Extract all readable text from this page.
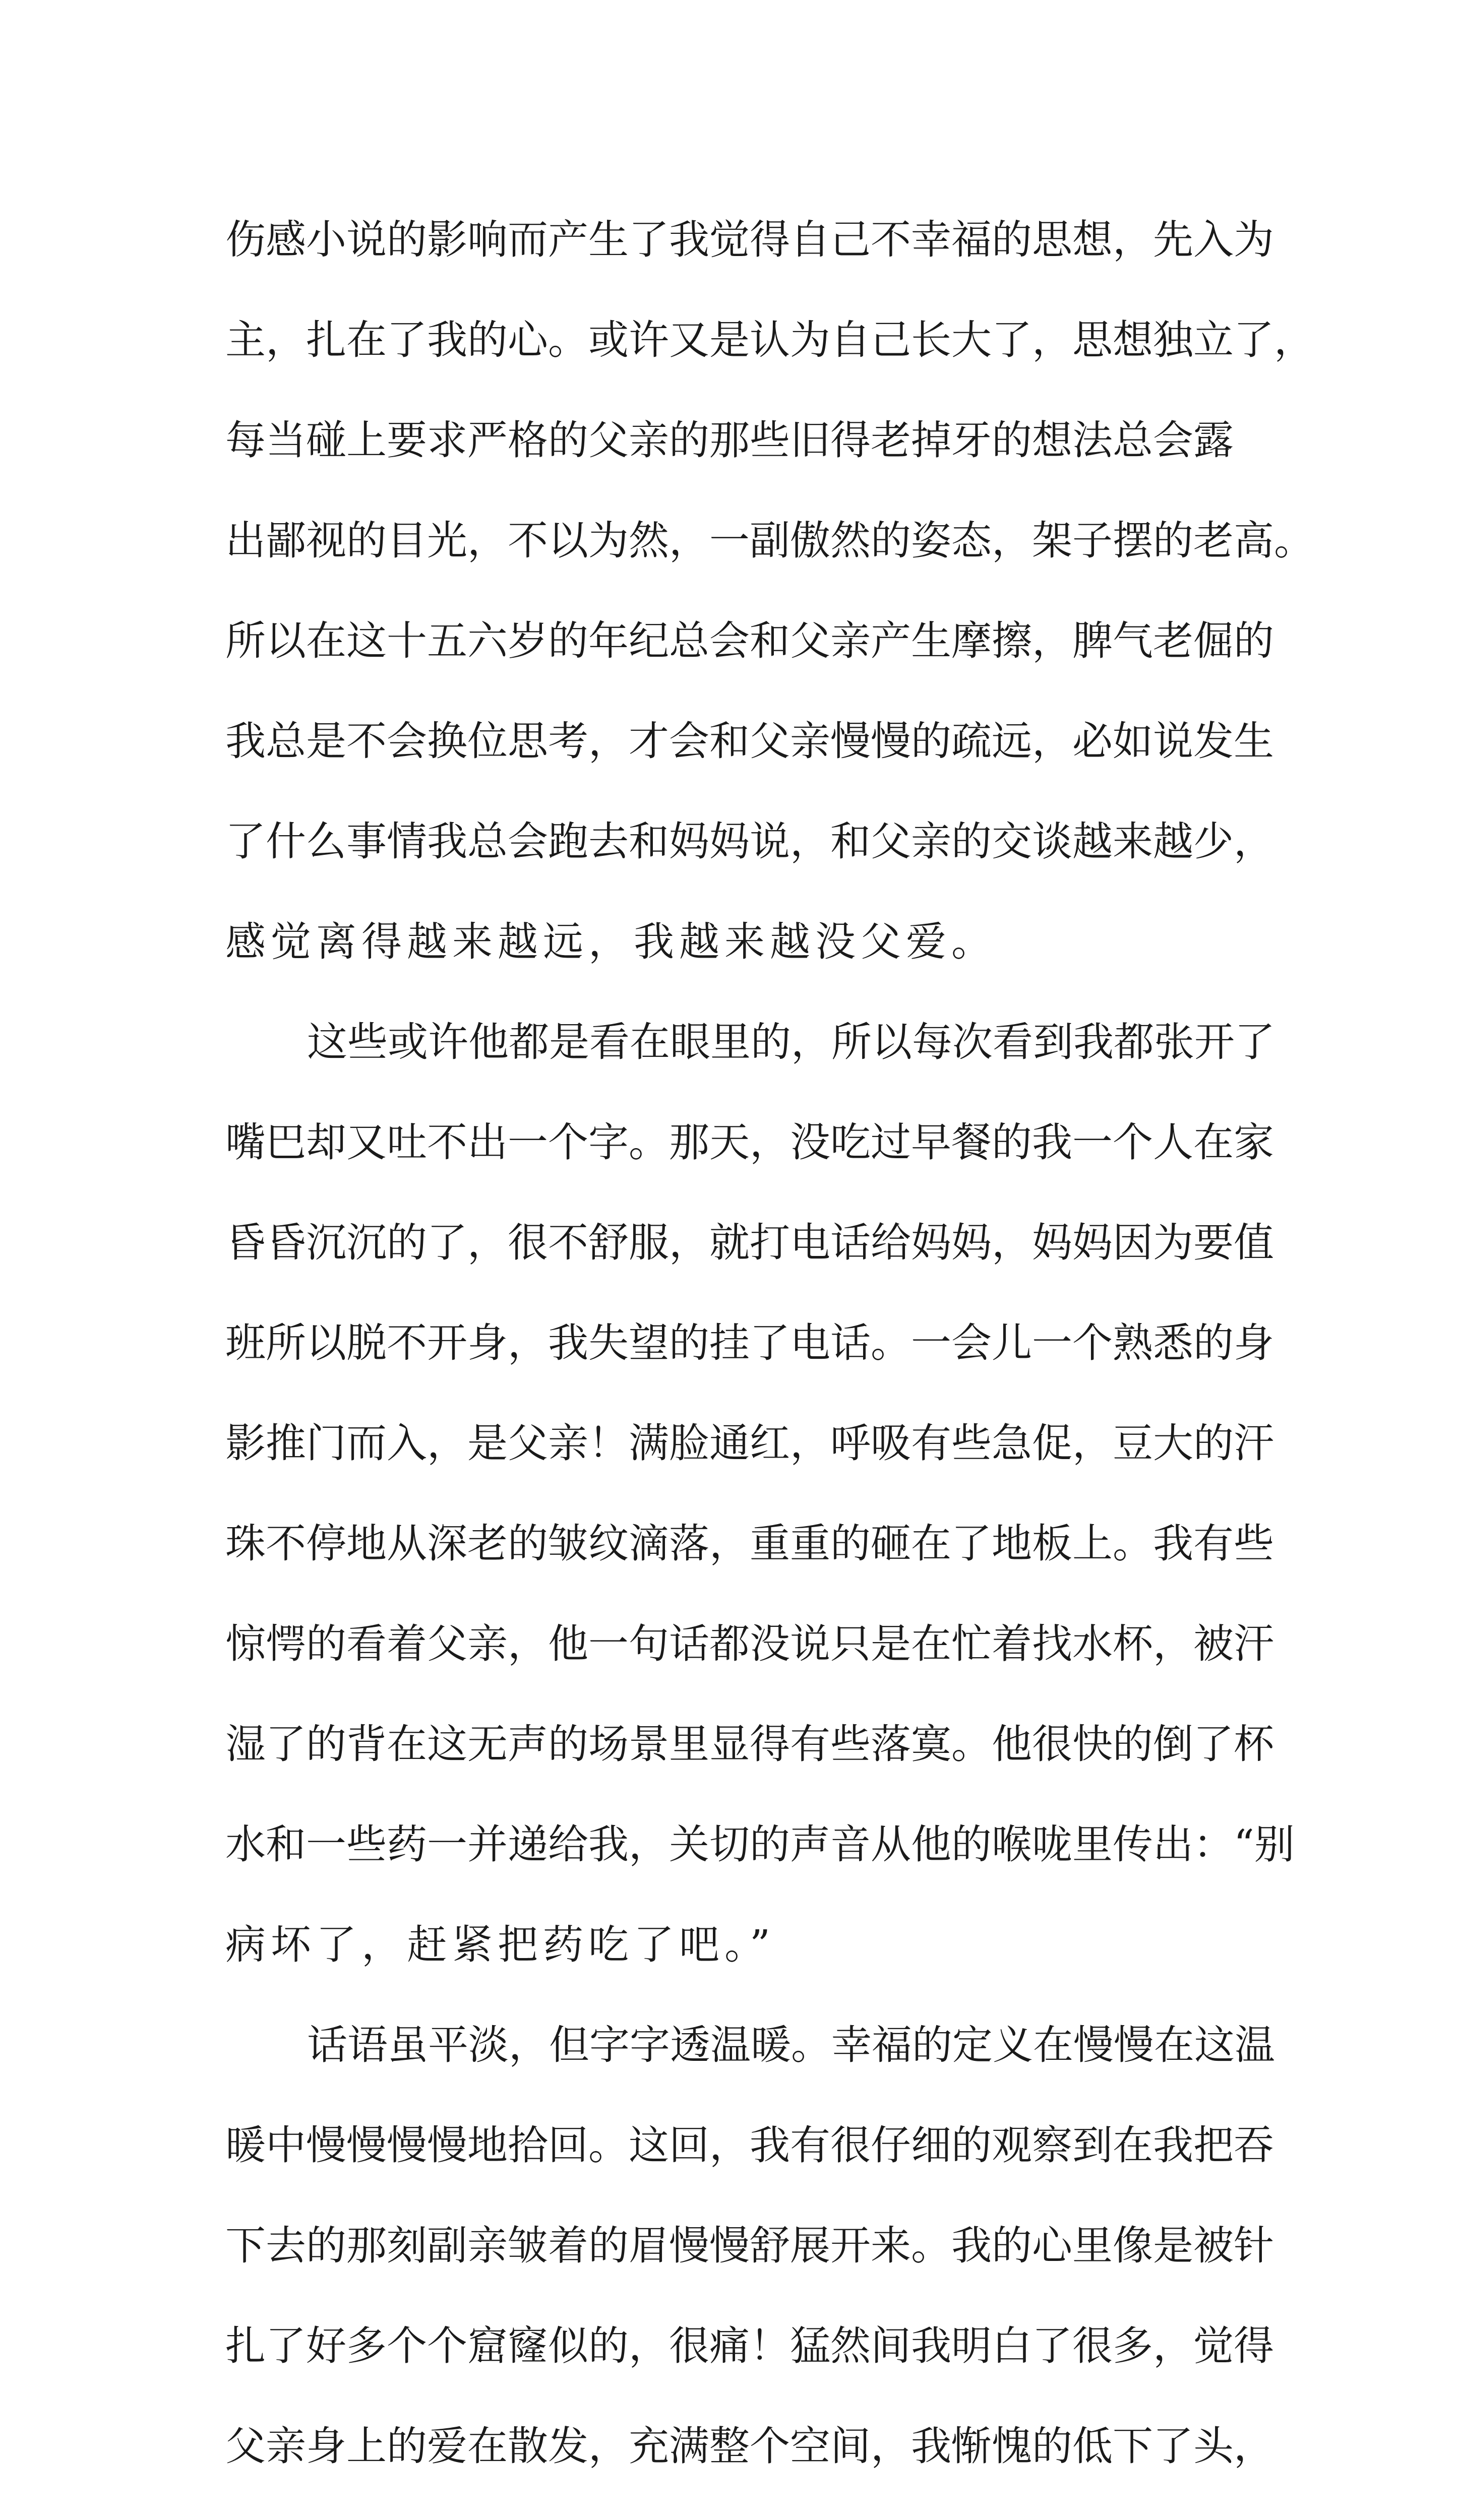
伤感小说的影响而产生了我觉得自己不幸福的思想，先入为
主，扎在了我的心。或许又是认为自己长大了，思想独立了，
每当碰上要求严格的父亲的那些旧得老掉牙的想法总会露
出鄙视的目光，不以为然，一副傲然的姿态，架子摆的老高。
所以在这十五六岁的年纪总会和父亲产生摩擦，脾气老倔的
我总是不会换位思考，才会和父亲慢慢的疏远，必如说发生
了什么事情我总会跑去和妈妈说，和父亲的交谈越来越少，
感觉离得越来越远，我越来越没父爱。
这些或许他都是看在眼里的，所以每次看到我都张开了
嘴巴却又吐不出一个字。那天，没吃过早餐的我一个人在家
昏昏沉沉的了，很不舒服，就打电话给妈妈，妈妈因为要值
班所以脱不开身，我失望的挂了电话。一会儿一个熟悉的身
影推门而入，是父亲！满脸通红，呼吸有些急促，豆大的汗
珠不停地从深老的皱纹滴落，重重的砸在了地板上。我有些
惊愕的看着父亲，他一句话都没说只是在忙着找水杯，被汗
湿了的背在这无声的场景里显得有些落寞。他很快的倒了杯
水和一些药一并递给我，关切的声音从他的喉咙里传出：“别
病坏了，赶紧把药吃了吧。”
话语虽平淡，但字字透温暖。幸福的定义在慢慢在这温
暖中慢慢慢慢地拾回。这回，我有很仔细的观察到在我把吞
下去的那刻副亲皱着的眉慢慢舒展开来。我的心里像是被针
扎了好多个个窟窿似的，很痛！猛然间我明白了很多，觉得
父亲身上的爱在散发，充满整个空间，我惭愧的低下了头，
